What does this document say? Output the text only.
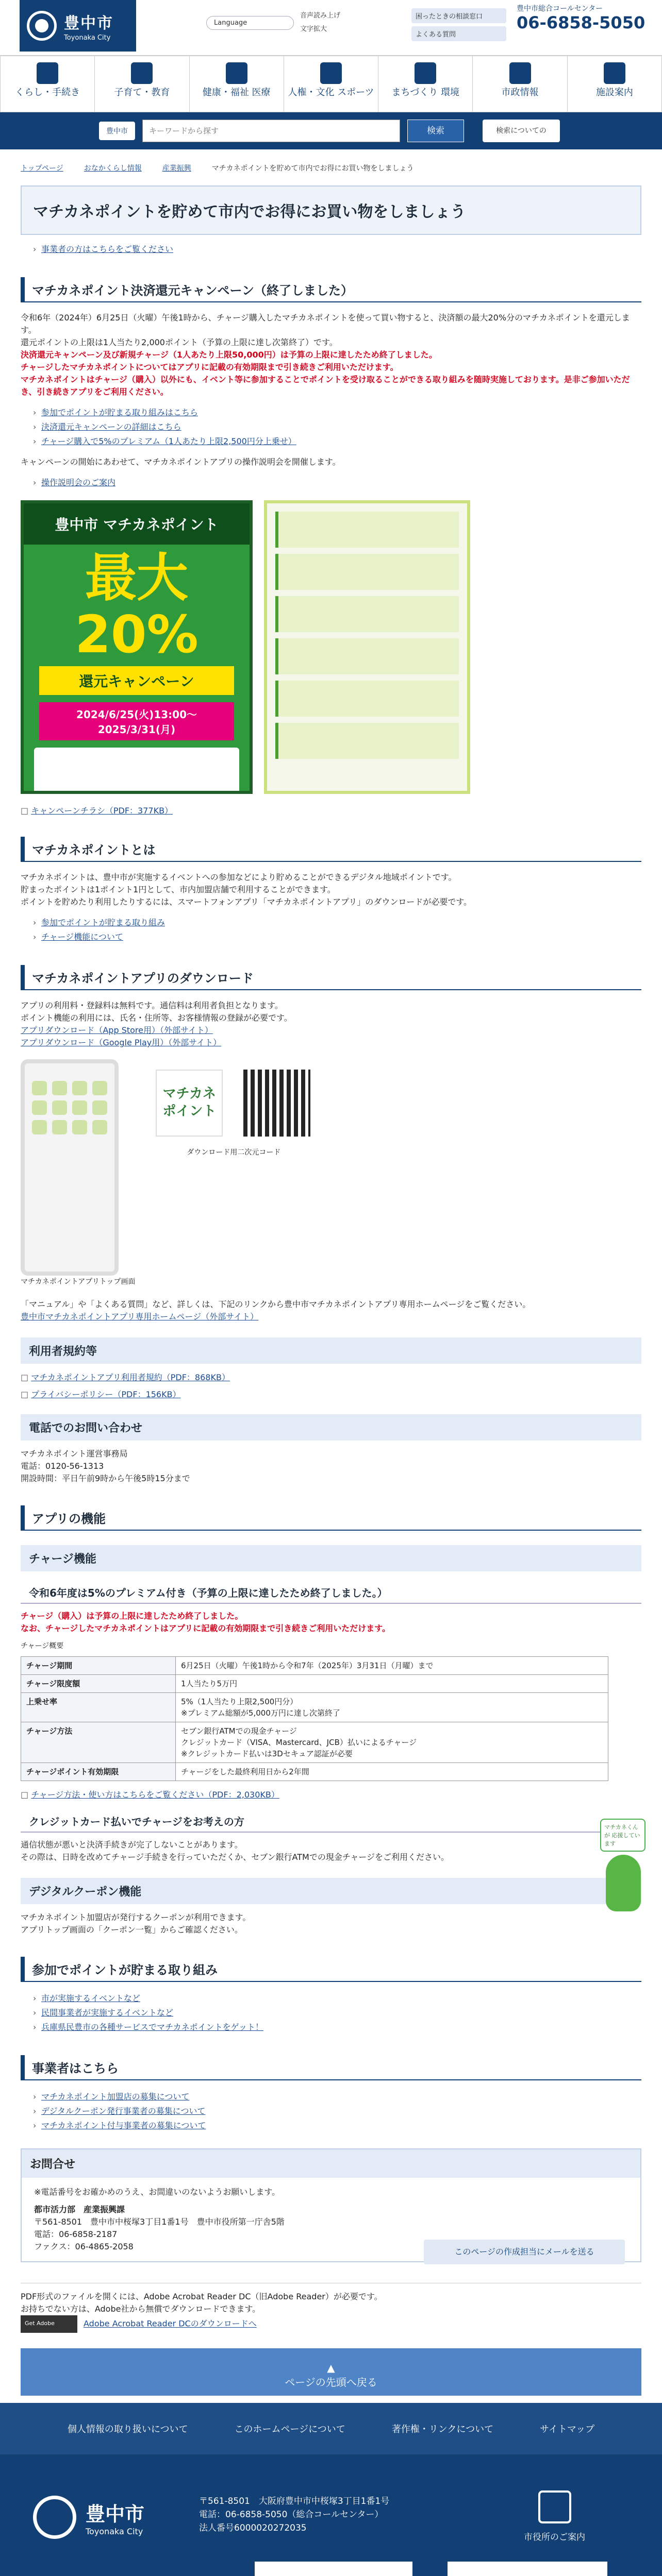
豊中市
Toyonaka City
Language
音声読み上げ
文字拡大
困ったときの相談窓口
よくある質問
豊中市総合コールセンター
06-6858-5050
くらし・手続き	子育て・教育	健康・福祉 医療	人権・文化 スポーツ	まちづくり 環境	市政情報	施設案内
豊中市
キーワードから探す	検索	検索についての
トップページ	おなかくらし情報	産業振興	マチカネポイントを貯めて市内でお得にお買い物をしましょう
マチカネポイントを貯めて市内でお得にお買い物をしましょう
› 事業者の方はこちらをご覧ください
マチカネポイント決済還元キャンペーン（終了しました）

令和6年（2024年）6月25日（火曜）午後1時から、チャージ購入したマチカネポイントを使って買い物すると、決済額の最大20%分のマチカネポイントを還元します。

還元ポイントの上限は1人当たり2,000ポイント（予算の上限に達し次第終了）です。

決済還元キャンペーン及び新規チャージ（1人あたり上限50,000円）は予算の上限に達したため終了しました。

チャージしたマチカネポイントについてはアプリに記載の有効期限まで引き続きご利用いただけます。

マチカネポイントはチャージ（購入）以外にも、イベント等に参加することでポイントを受け取ることができる取り組みを随時実施しております。是非ご参加いただき、引き続きアプリをご利用ください。

› 参加でポイントが貯まる取り組みはこちら
› 決済還元キャンペーンの詳細はこちら
› チャージ購入で5%のプレミアム（1人あたり上限2,500円分上乗せ）

キャンペーンの開始にあわせて、マチカネポイントアプリの操作説明会を開催します。

› 操作説明会のご案内
豊中市 マチカネポイント
最大20%
還元キャンペーン
2024/6/25(火)13:00～2025/3/31(月)
□ キャンペーンチラシ（PDF：377KB）
マチカネポイントとは

マチカネポイントは、豊中市が実施するイベントへの参加などにより貯めることができるデジタル地域ポイントです。

貯まったポイントは1ポイント1円として、市内加盟店舗で利用することができます。

ポイントを貯めたり利用したりするには、スマートフォンアプリ「マチカネポイントアプリ」のダウンロードが必要です。

› 参加でポイントが貯まる取り組み
› チャージ機能について
マチカネポイントアプリのダウンロード

アプリの利用料・登録料は無料です。通信料は利用者負担となります。

ポイント機能の利用には、氏名・住所等、お客様情報の登録が必要です。

アプリダウンロード（App Store用）（外部サイト）

アプリダウンロード（Google Play用）（外部サイト）

マチカネポイントアプリトップ画面

マチカネ ポイント
ダウンロード用二次元コード

「マニュアル」や「よくある質問」など、詳しくは、下記のリンクから豊中市マチカネポイントアプリ専用ホームページをご覧ください。

豊中市マチカネポイントアプリ専用ホームページ（外部サイト）

利用者規約等
□ マチカネポイントアプリ利用者規約（PDF：868KB）
□ プライバシーポリシー（PDF：156KB）
電話でのお問い合わせ

マチカネポイント運営事務局

電話：0120-56-1313

開設時間：平日午前9時から午後5時15分まで

アプリの機能
チャージ機能
令和6年度は5%のプレミアム付き（予算の上限に達したため終了しました。）

チャージ（購入）は予算の上限に達したため終了しました。

なお、チャージしたマチカネポイントはアプリに記載の有効期限まで引き続きご利用いただけます。

チャージ概要

チャージ期間	6月25日（火曜）午後1時から令和7年（2025年）3月31日（月曜）まで
チャージ限度額	1人当たり5万円
上乗せ率	5%（1人当たり上限2,500円分）
※プレミアム総額が5,000万円に達し次第終了
チャージ方法	セブン銀行ATMでの現金チャージ
クレジットカード（VISA、Mastercard、JCB）払いによるチャージ
※クレジットカード払いは3Dセキュア認証が必要
チャージポイント有効期限	チャージをした最終利用日から2年間
□ チャージ方法・使い方はこちらをご覧ください（PDF：2,030KB）
クレジットカード払いでチャージをお考えの方

通信状態が悪いと決済手続きが完了しないことがあります。

その際は、日時を改めてチャージ手続きを行っていただくか、セブン銀行ATMでの現金チャージをご利用ください。

デジタルクーポン機能

マチカネポイント加盟店が発行するクーポンが利用できます。

アプリトップ画面の「クーポン一覧」からご確認ください。

参加でポイントが貯まる取り組み
› 市が実施するイベントなど
› 民間事業者が実施するイベントなど
› 兵庫県民豊市の各種サービスでマチカネポイントをゲット！
事業者はこちら
› マチカネポイント加盟店の募集について
› デジタルクーポン発行事業者の募集について
› マチカネポイント付与事業者の募集について
お問合せ

※電話番号をお確かめのうえ、お間違いのないようお願いします。

都市活力部　産業振興課

〒561-8501　豊中市中桜塚3丁目1番1号　豊中市役所第一庁舎5階

電話：06-6858-2187

ファクス：06-4865-2058

このページの作成担当にメールを送る

PDF形式のファイルを開くには、Adobe Acrobat Reader DC（旧Adobe Reader）が必要です。

お持ちでない方は、Adobe社から無償でダウンロードできます。

Get Adobe Acrobat ReaderAdobe Acrobat Reader DCのダウンロードへ

▲
ページの先頭へ戻る
個人情報の取り扱いについて	このホームページについて	著作権・リンクについて	サイトマップ
豊中市
Toyonaka City
〒561-8501　大阪府豊中市中桜塚3丁目1番1号
電話：06-6858-5050（総合コールセンター）
法人番号6000020272035
市役所のご案内
マチカネくんが 応援しています
